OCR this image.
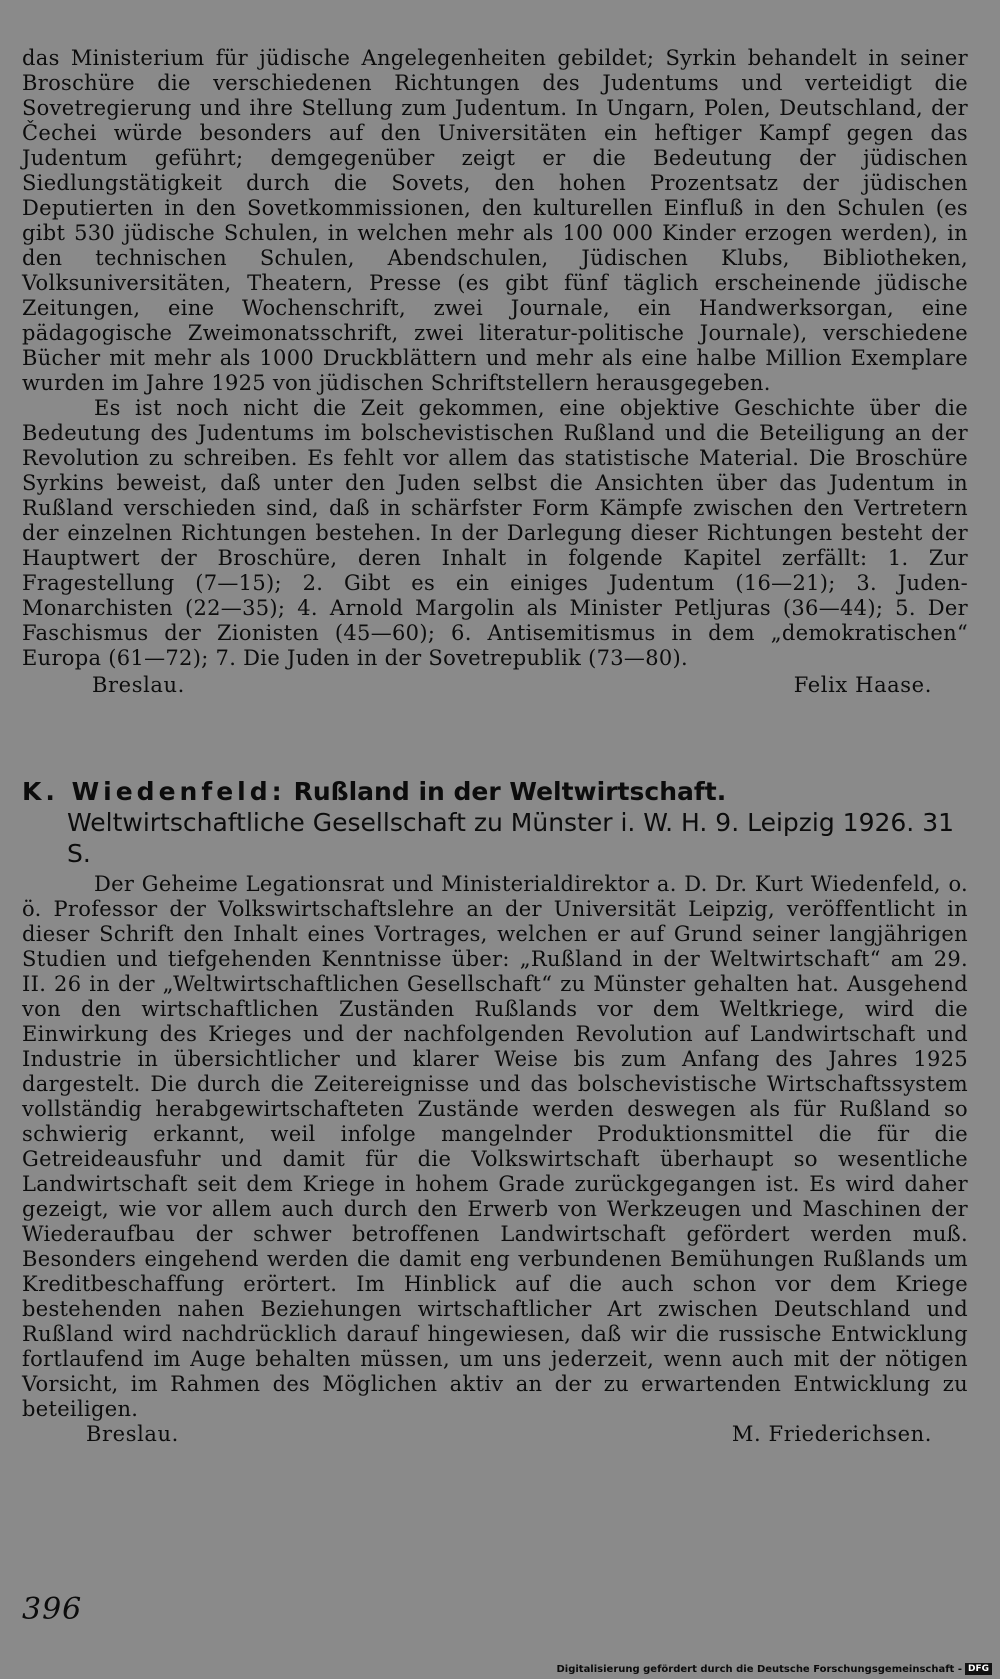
das Ministerium für jüdische Angelegenheiten gebildet; Syrkin behandelt in seiner Broschüre die verschiedenen Richtungen des Judentums und verteidigt die Sovetregierung und ihre Stellung zum Judentum. In Ungarn, Polen, Deutschland, der Čechei würde besonders auf den Universitäten ein heftiger Kampf gegen das Judentum geführt; demgegenüber zeigt er die Bedeutung der jüdischen Siedlungstätigkeit durch die Sovets, den hohen Prozentsatz der jüdischen Deputierten in den Sovetkommissionen, den kulturellen Einfluß in den Schulen (es gibt 530 jüdische Schulen, in welchen mehr als 100 000 Kinder erzogen werden), in den technischen Schulen, Abendschulen, Jüdischen Klubs, Bibliotheken, Volksuniversitäten, Theatern, Presse (es gibt fünf täglich erscheinende jüdische Zeitungen, eine Wochenschrift, zwei Journale, ein Handwerksorgan, eine pädagogische Zweimonatsschrift, zwei literatur-politische Journale), verschiedene Bücher mit mehr als 1000 Druckblättern und mehr als eine halbe Million Exemplare wurden im Jahre 1925 von jüdischen Schriftstellern herausgegeben.

Es ist noch nicht die Zeit gekommen, eine objektive Geschichte über die Bedeutung des Judentums im bolschevistischen Rußland und die Beteiligung an der Revolution zu schreiben. Es fehlt vor allem das statistische Material. Die Broschüre Syrkins beweist, daß unter den Juden selbst die Ansichten über das Judentum in Rußland verschieden sind, daß in schärfster Form Kämpfe zwischen den Vertretern der einzelnen Richtungen bestehen. In der Darlegung dieser Richtungen besteht der Hauptwert der Broschüre, deren Inhalt in folgende Kapitel zerfällt: 1. Zur Fragestellung (7—15); 2. Gibt es ein einiges Judentum (16—21); 3. Juden-Monarchisten (22—35); 4. Arnold Margolin als Minister Petljuras (36—44); 5. Der Faschismus der Zionisten (45—60); 6. Antisemitismus in dem „demokratischen“ Europa (61—72); 7. Die Juden in der Sovetrepublik (73—80).

Breslau.	Felix Haase.
K. Wiedenfeld: Rußland in der Weltwirtschaft. Weltwirtschaftliche Gesellschaft zu Münster i. W. H. 9. Leipzig 1926. 31 S.

Der Geheime Legationsrat und Ministerialdirektor a. D. Dr. Kurt Wiedenfeld, o. ö. Professor der Volkswirtschaftslehre an der Universität Leipzig, veröffentlicht in dieser Schrift den Inhalt eines Vortrages, welchen er auf Grund seiner langjährigen Studien und tiefgehenden Kenntnisse über: „Rußland in der Weltwirtschaft“ am 29. II. 26 in der „Weltwirtschaftlichen Gesellschaft“ zu Münster gehalten hat. Ausgehend von den wirtschaftlichen Zuständen Rußlands vor dem Weltkriege, wird die Einwirkung des Krieges und der nachfolgenden Revolution auf Landwirtschaft und Industrie in übersichtlicher und klarer Weise bis zum Anfang des Jahres 1925 dargestelt. Die durch die Zeitereignisse und das bolschevistische Wirtschaftssystem vollständig herabgewirtschafteten Zustände werden deswegen als für Rußland so schwierig erkannt, weil infolge mangelnder Produktionsmittel die für die Getreideausfuhr und damit für die Volkswirtschaft überhaupt so wesentliche Landwirtschaft seit dem Kriege in hohem Grade zurückgegangen ist. Es wird daher gezeigt, wie vor allem auch durch den Erwerb von Werkzeugen und Maschinen der Wiederaufbau der schwer betroffenen Landwirtschaft gefördert werden muß. Besonders eingehend werden die damit eng verbundenen Bemühungen Rußlands um Kreditbeschaffung erörtert. Im Hinblick auf die auch schon vor dem Kriege bestehenden nahen Beziehungen wirtschaftlicher Art zwischen Deutschland und Rußland wird nachdrücklich darauf hingewiesen, daß wir die russische Entwicklung fortlaufend im Auge behalten müssen, um uns jederzeit, wenn auch mit der nötigen Vorsicht, im Rahmen des Möglichen aktiv an der zu erwartenden Entwicklung zu beteiligen.

Breslau.	M. Friederichsen.
396
Digitalisierung gefördert durch die Deutsche Forschungsgemeinschaft - DFG
